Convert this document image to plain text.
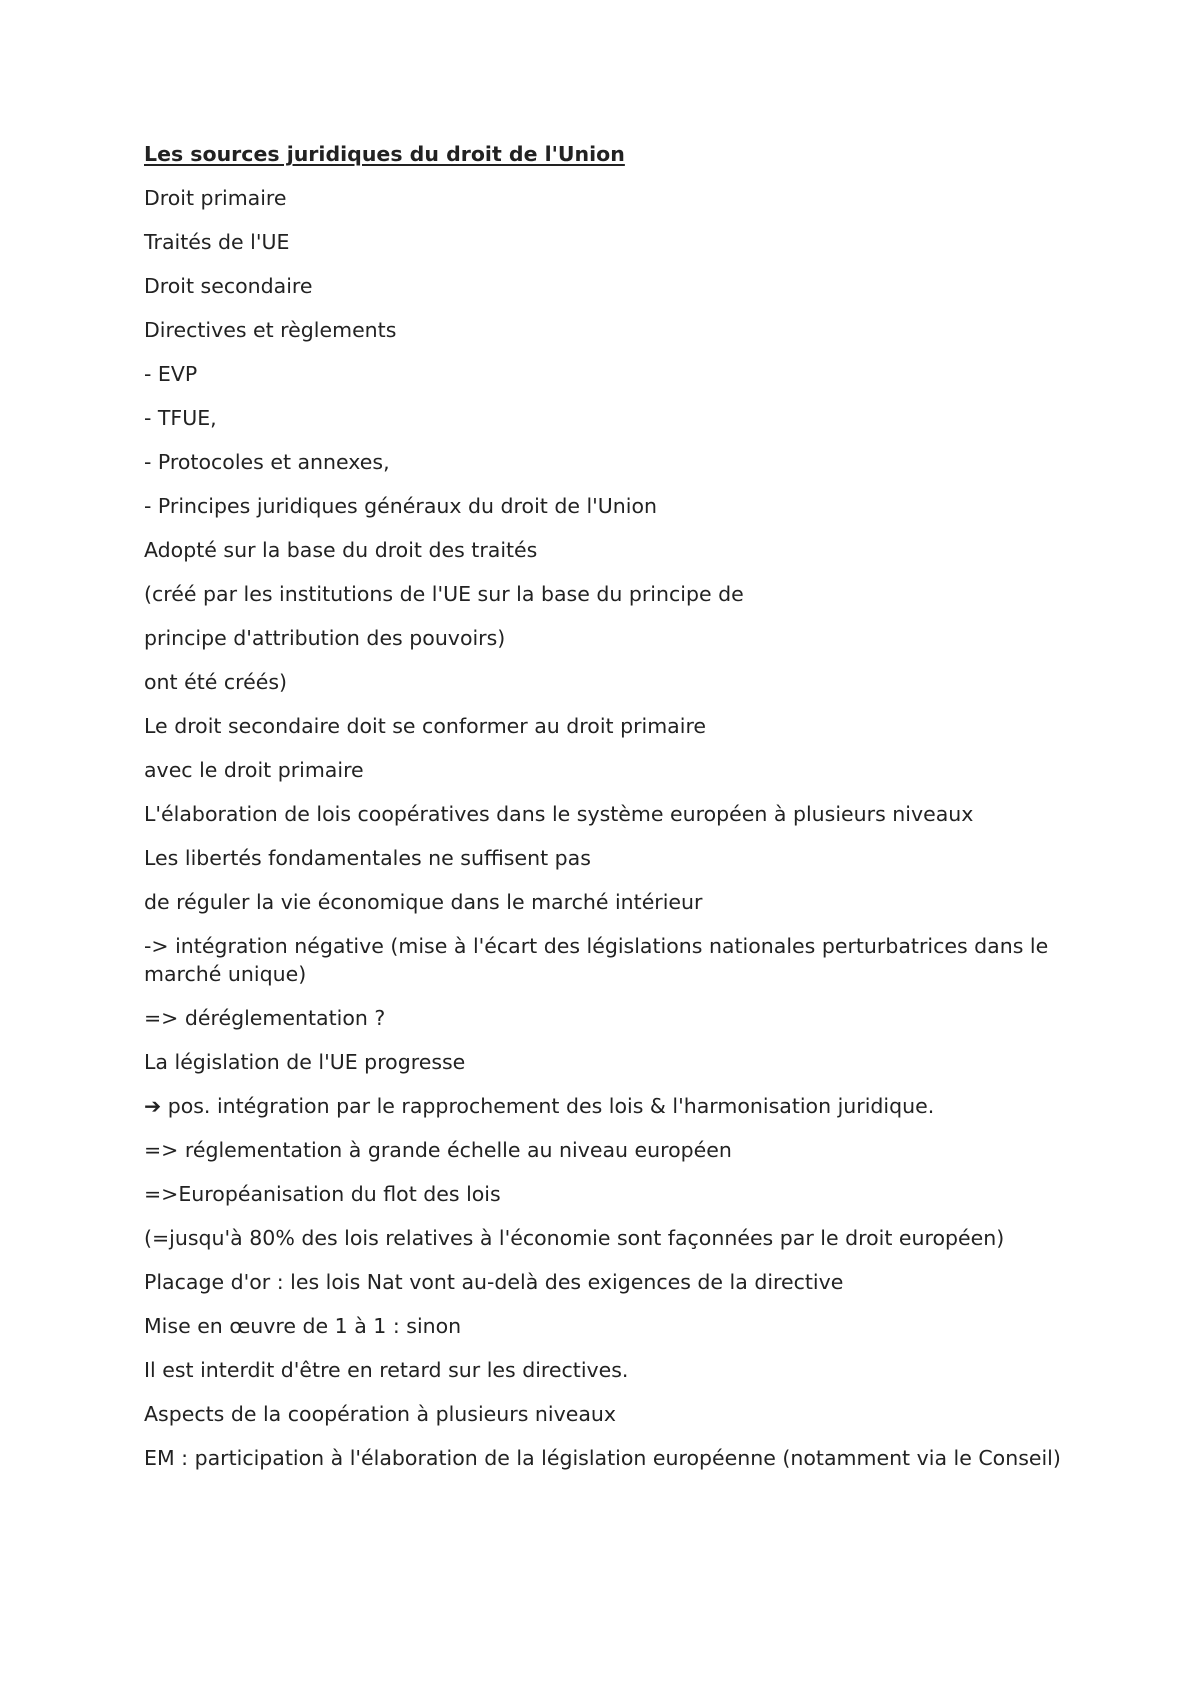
Les sources juridiques du droit de l'Union
Droit primaire
Traités de l'UE
Droit secondaire
Directives et règlements
- EVP
- TFUE,
- Protocoles et annexes,
- Principes juridiques généraux du droit de l'Union
Adopté sur la base du droit des traités
(créé par les institutions de l'UE sur la base du principe de
principe d'attribution des pouvoirs)
ont été créés)
Le droit secondaire doit se conformer au droit primaire
avec le droit primaire
L'élaboration de lois coopératives dans le système européen à plusieurs niveaux
Les libertés fondamentales ne suffisent pas
de réguler la vie économique dans le marché intérieur
-> intégration négative (mise à l'écart des législations nationales perturbatrices dans le marché unique)
=> déréglementation ?
La législation de l'UE progresse
➔ pos. intégration par le rapprochement des lois & l'harmonisation juridique.
=> réglementation à grande échelle au niveau européen
=>Européanisation du flot des lois
(=jusqu'à 80% des lois relatives à l'économie sont façonnées par le droit européen)
Placage d'or : les lois Nat vont au-delà des exigences de la directive
Mise en œuvre de 1 à 1 : sinon
Il est interdit d'être en retard sur les directives.
Aspects de la coopération à plusieurs niveaux
EM : participation à l'élaboration de la législation européenne (notamment via le Conseil)
